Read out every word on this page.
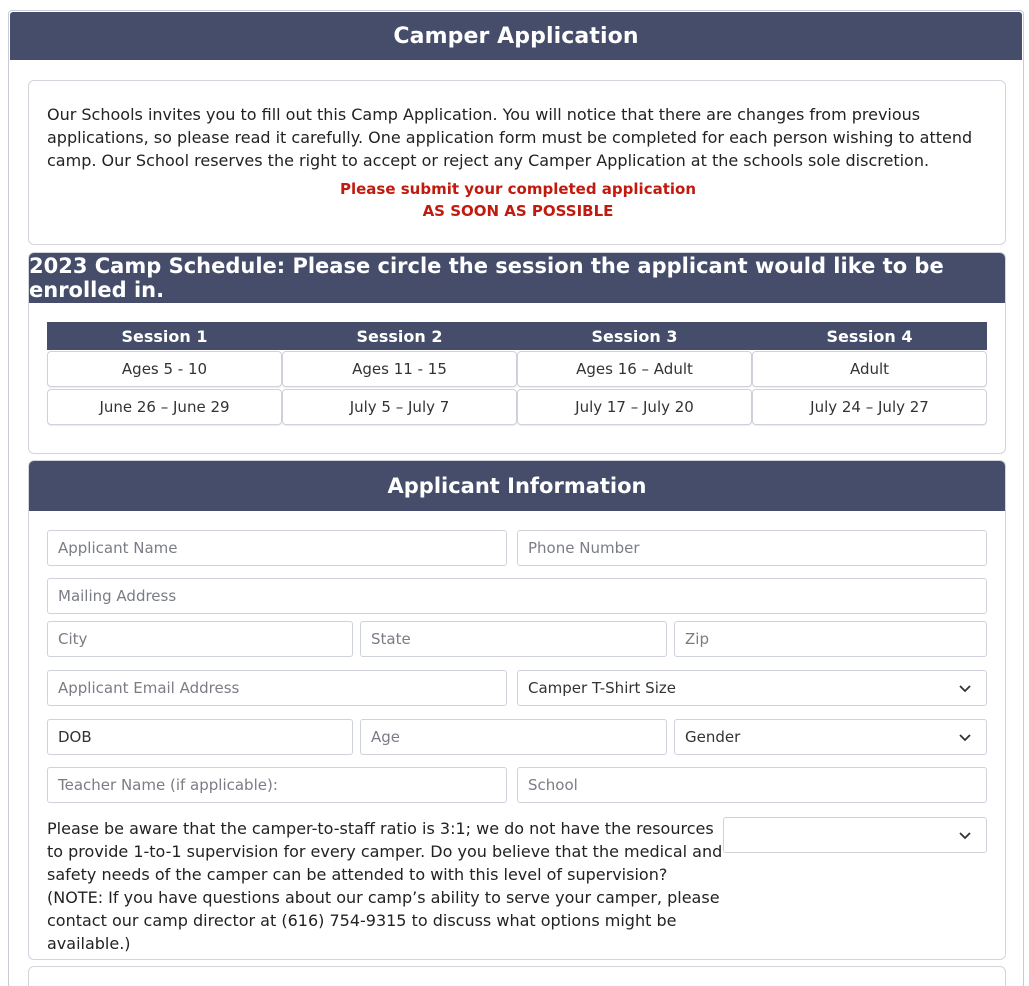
Camper Application

Our Schools invites you to fill out this Camp Application. You will notice that there are changes from previous applications, so please read it carefully. One application form must be completed for each person wishing to attend camp. Our School reserves the right to accept or reject any Camper Application at the schools sole discretion.

Please submit your completed application
AS SOON AS POSSIBLE
2023 Camp Schedule: Please circle the session the applicant would like to be enrolled in.
Session 1	Session 2	Session 3	Session 4
Ages 5 - 10	Ages 11 - 15	Ages 16 – Adult	Adult
June 26 – June 29	July 5 – July 7	July 17 – July 20	July 24 – July 27
Applicant Information
Applicant Name	Phone Number
Mailing Address
City	State	Zip
Applicant Email Address	Camper T-Shirt Size
DOB	Age	Gender
Teacher Name (if applicable):	School

Please be aware that the camper-to-staff ratio is 3:1; we do not have the resources to provide 1-to-1 supervision for every camper. Do you believe that the medical and safety needs of the camper can be attended to with this level of supervision? (NOTE: If you have questions about our camp’s ability to serve your camper, please contact our camp director at (616) 754-9315 to discuss what options might be available.)
